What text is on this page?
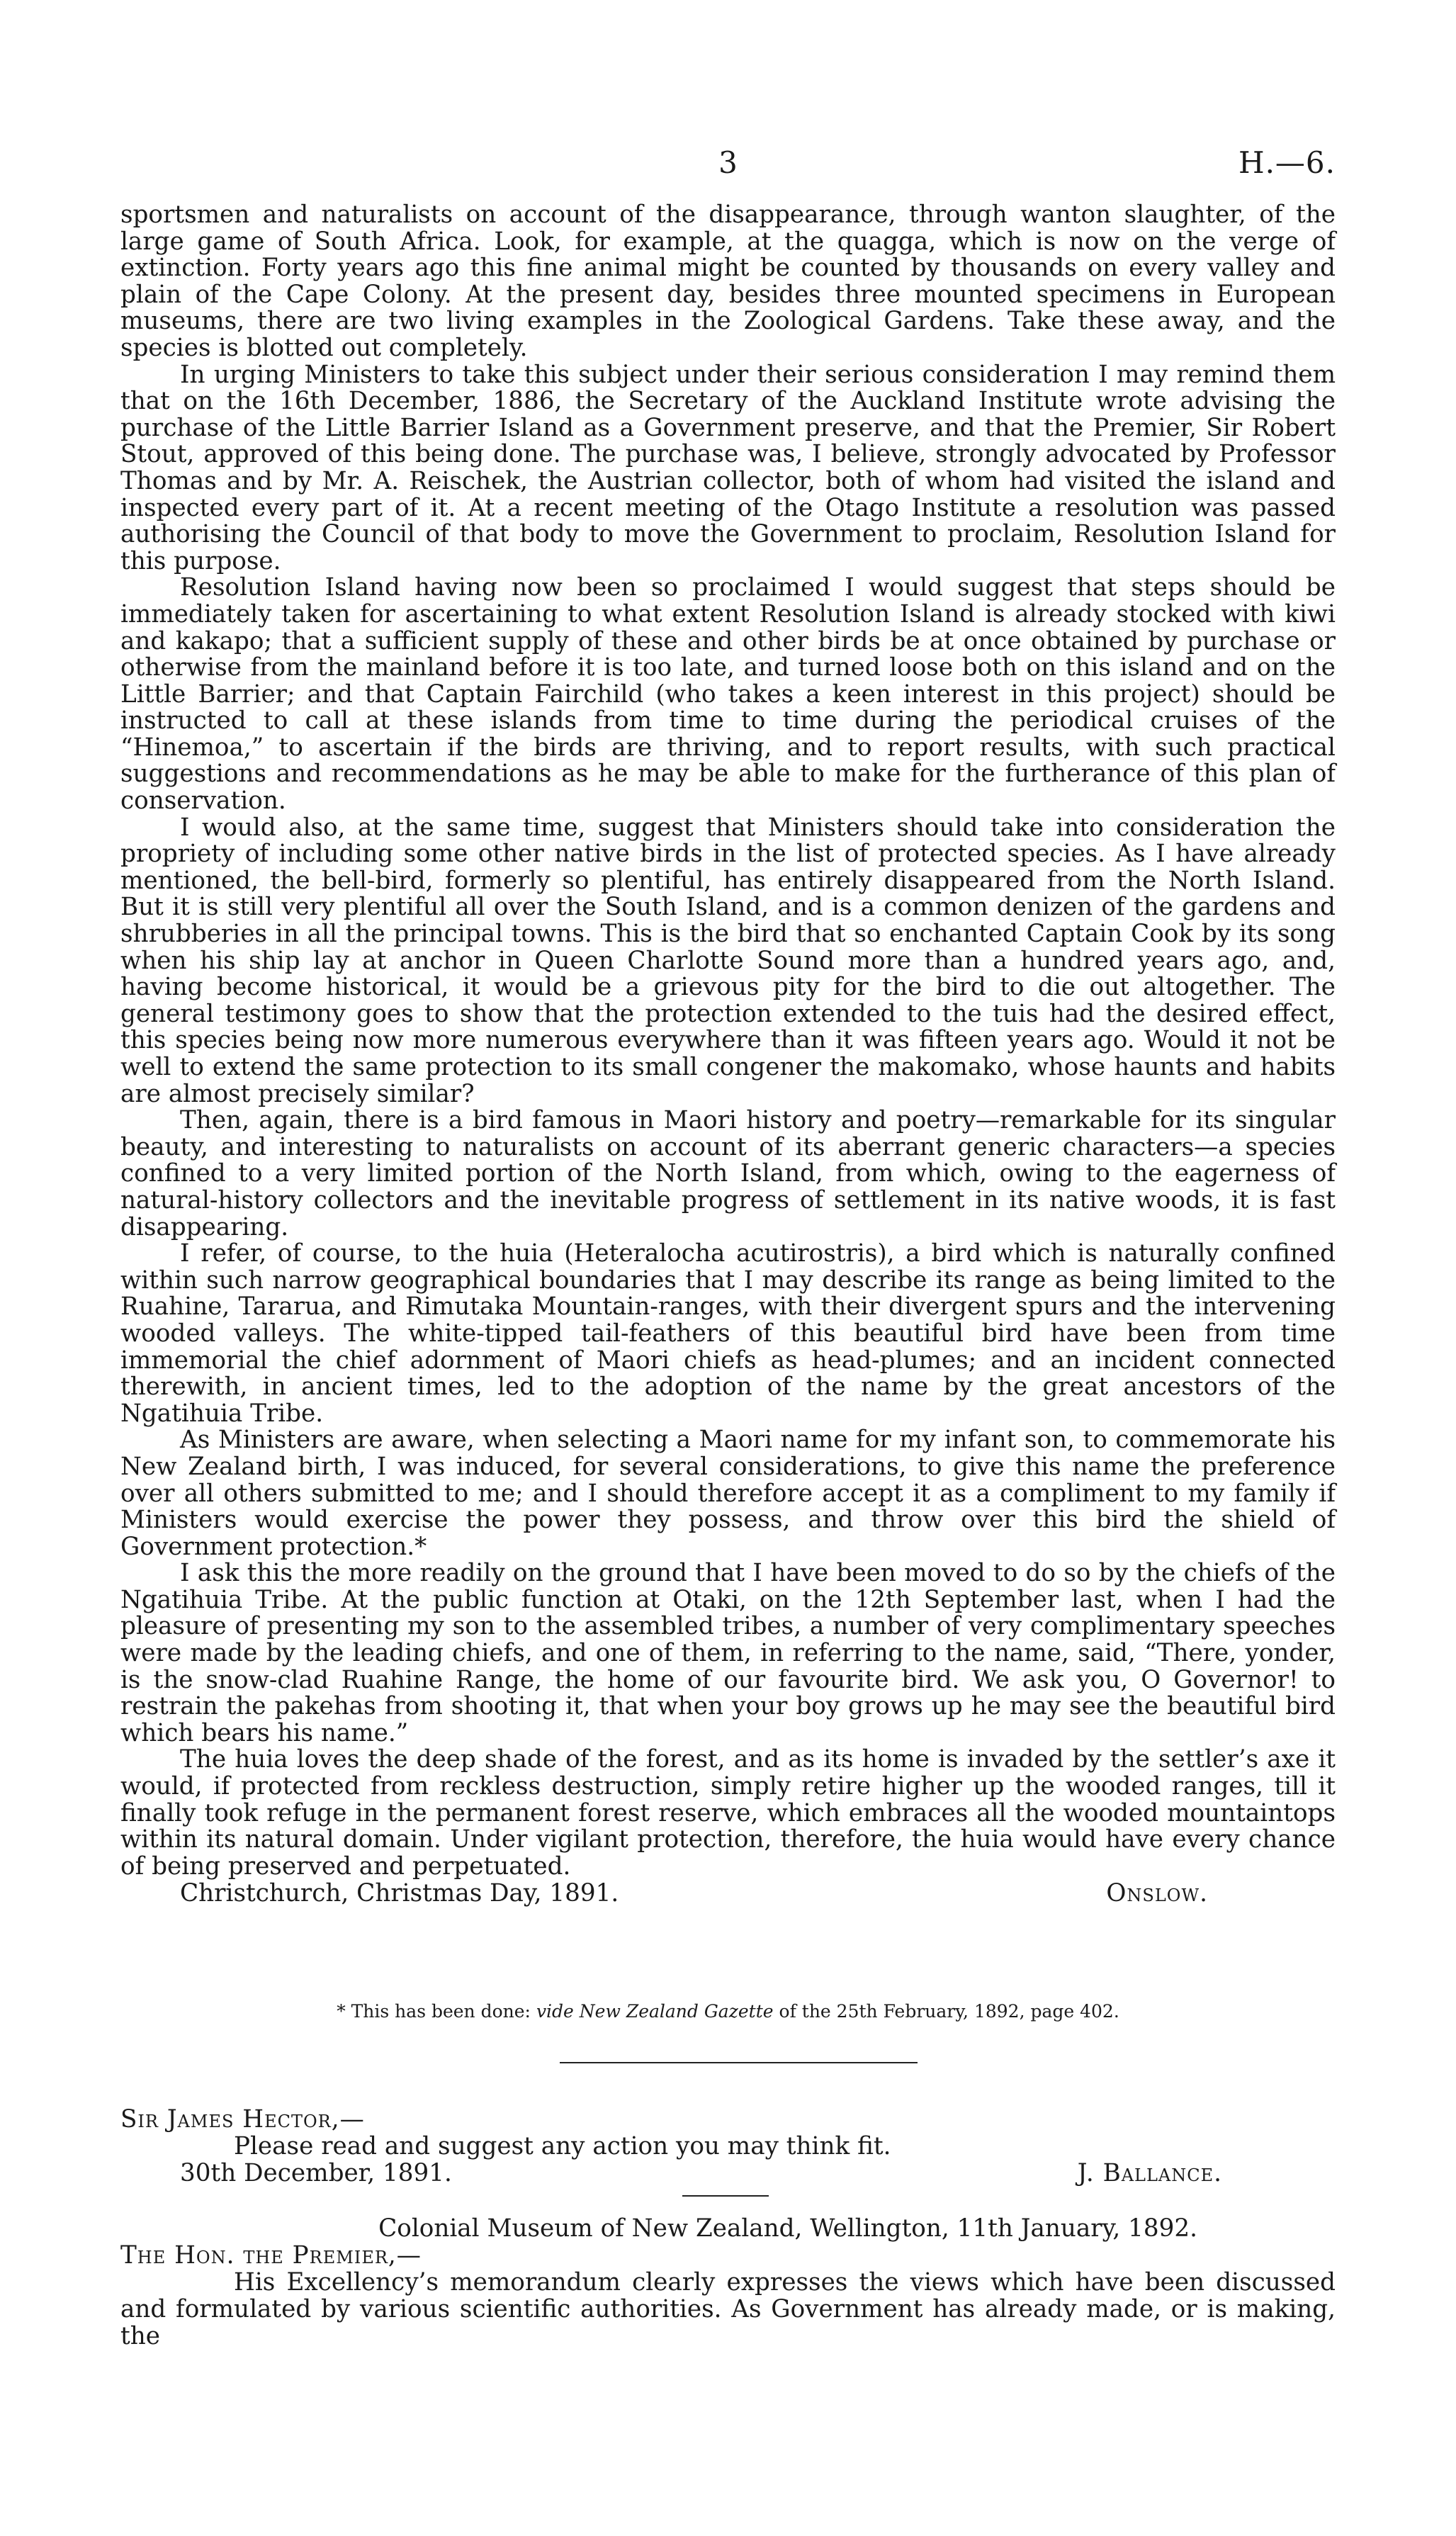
3	H.—6.

sportsmen and naturalists on account of the disappearance, through wanton slaughter, of the large game of South Africa. Look, for example, at the quagga, which is now on the verge of extinction. Forty years ago this fine animal might be counted by thousands on every valley and plain of the Cape Colony. At the present day, besides three mounted specimens in European museums, there are two living examples in the Zoological Gardens. Take these away, and the species is blotted out completely.

In urging Ministers to take this subject under their serious consideration I may remind them that on the 16th December, 1886, the Secretary of the Auckland Institute wrote advising the purchase of the Little Barrier Island as a Government preserve, and that the Premier, Sir Robert Stout, approved of this being done. The purchase was, I believe, strongly advocated by Professor Thomas and by Mr. A. Reischek, the Austrian collector, both of whom had visited the island and inspected every part of it. At a recent meeting of the Otago Institute a resolution was passed authorising the Council of that body to move the Government to proclaim, Resolution Island for this purpose.

Resolution Island having now been so proclaimed I would suggest that steps should be immediately taken for ascertaining to what extent Resolution Island is already stocked with kiwi and kakapo; that a sufficient supply of these and other birds be at once obtained by purchase or otherwise from the mainland before it is too late, and turned loose both on this island and on the Little Barrier; and that Captain Fairchild (who takes a keen interest in this project) should be instructed to call at these islands from time to time during the periodical cruises of the “Hinemoa,” to ascertain if the birds are thriving, and to report results, with such practical suggestions and recommendations as he may be able to make for the furtherance of this plan of conservation.

I would also, at the same time, suggest that Ministers should take into consideration the propriety of including some other native birds in the list of protected species. As I have already mentioned, the bell-bird, formerly so plentiful, has entirely disappeared from the North Island. But it is still very plentiful all over the South Island, and is a common denizen of the gardens and shrubberies in all the principal towns. This is the bird that so enchanted Captain Cook by its song when his ship lay at anchor in Queen Charlotte Sound more than a hundred years ago, and, having become historical, it would be a grievous pity for the bird to die out altogether. The general testimony goes to show that the protection extended to the tuis had the desired effect, this species being now more numerous everywhere than it was fifteen years ago. Would it not be well to extend the same protection to its small congener the makomako, whose haunts and habits are almost precisely similar?

Then, again, there is a bird famous in Maori history and poetry—remarkable for its singular beauty, and interesting to naturalists on account of its aberrant generic characters—a species confined to a very limited portion of the North Island, from which, owing to the eagerness of natural-history collectors and the inevitable progress of settlement in its native woods, it is fast disappearing.

I refer, of course, to the huia (Heteralocha acutirostris), a bird which is naturally confined within such narrow geographical boundaries that I may describe its range as being limited to the Ruahine, Tararua, and Rimutaka Mountain-ranges, with their divergent spurs and the intervening wooded valleys. The white-tipped tail-feathers of this beautiful bird have been from time immemorial the chief adornment of Maori chiefs as head-plumes; and an incident connected therewith, in ancient times, led to the adoption of the name by the great ancestors of the Ngatihuia Tribe.

As Ministers are aware, when selecting a Maori name for my infant son, to commemorate his New Zealand birth, I was induced, for several considerations, to give this name the preference over all others submitted to me; and I should therefore accept it as a compliment to my family if Ministers would exercise the power they possess, and throw over this bird the shield of Government protection.*

I ask this the more readily on the ground that I have been moved to do so by the chiefs of the Ngatihuia Tribe. At the public function at Otaki, on the 12th September last, when I had the pleasure of presenting my son to the assembled tribes, a number of very complimentary speeches were made by the leading chiefs, and one of them, in referring to the name, said, “There, yonder, is the snow-clad Ruahine Range, the home of our favourite bird. We ask you, O Governor! to restrain the pakehas from shooting it, that when your boy grows up he may see the beautiful bird which bears his name.”

The huia loves the deep shade of the forest, and as its home is invaded by the settler’s axe it would, if protected from reckless destruction, simply retire higher up the wooded ranges, till it finally took refuge in the permanent forest reserve, which embraces all the wooded mountaintops within its natural domain. Under vigilant protection, therefore, the huia would have every chance of being preserved and perpetuated.

Christchurch, Christmas Day, 1891.	Onslow.
* This has been done: vide New Zealand Gazette of the 25th February, 1892, page 402.
Sir James Hector,—
Please read and suggest any action you may think fit.
30th December, 1891.	J. Ballance.
Colonial Museum of New Zealand, Wellington, 11th January, 1892.
The Hon. the Premier,—

His Excellency’s memorandum clearly expresses the views which have been discussed and formulated by various scientific authorities. As Government has already made, or is making, the
